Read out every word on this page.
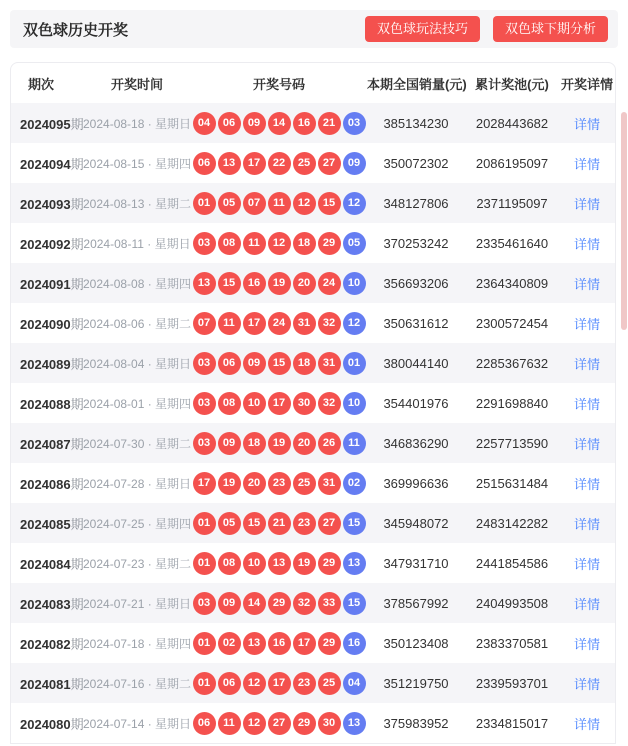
双色球历史开奖	双色球玩法技巧	双色球下期分析
期次	开奖时间	开奖号码	本期全国销量(元) 累计奖池(元) 开奖详情
2024095期 2024-08-18 · 星期日 04	06	09	14	16	21	03	385134230	2028443682	详情
2024094期 2024-08-15 · 星期四 06	13	17	22	25	27	09	350072302	2086195097	详情
2024093期 2024-08-13 · 星期二 01	05	07	11	12	15	12	348127806	2371195097	详情
2024092期 2024-08-11 · 星期日 03	08	11	12	18	29	05	370253242	2335461640	详情
2024091期 2024-08-08 · 星期四 13	15	16	19	20	24	10	356693206	2364340809	详情
2024090期 2024-08-06 · 星期二 07	11	17	24	31	32	12	350631612	2300572454	详情
2024089期 2024-08-04 · 星期日 03	06	09	15	18	31	01	380044140	2285367632	详情
2024088期 2024-08-01 · 星期四 03	08	10	17	30	32	10	354401976	2291698840	详情
2024087期 2024-07-30 · 星期二 03	09	18	19	20	26	11	346836290	2257713590	详情
2024086期 2024-07-28 · 星期日 17	19	20	23	25	31	02	369996636	2515631484	详情
2024085期 2024-07-25 · 星期四 01	05	15	21	23	27	15	345948072	2483142282	详情
2024084期 2024-07-23 · 星期二 01	08	10	13	19	29	13	347931710	2441854586	详情
2024083期 2024-07-21 · 星期日 03	09	14	29	32	33	15	378567992	2404993508	详情
2024082期 2024-07-18 · 星期四 01	02	13	16	17	29	16	350123408	2383370581	详情
2024081期 2024-07-16 · 星期二 01	06	12	17	23	25	04	351219750	2339593701	详情
2024080期 2024-07-14 · 星期日 06	11	12	27	29	30	13	375983952	2334815017	详情
